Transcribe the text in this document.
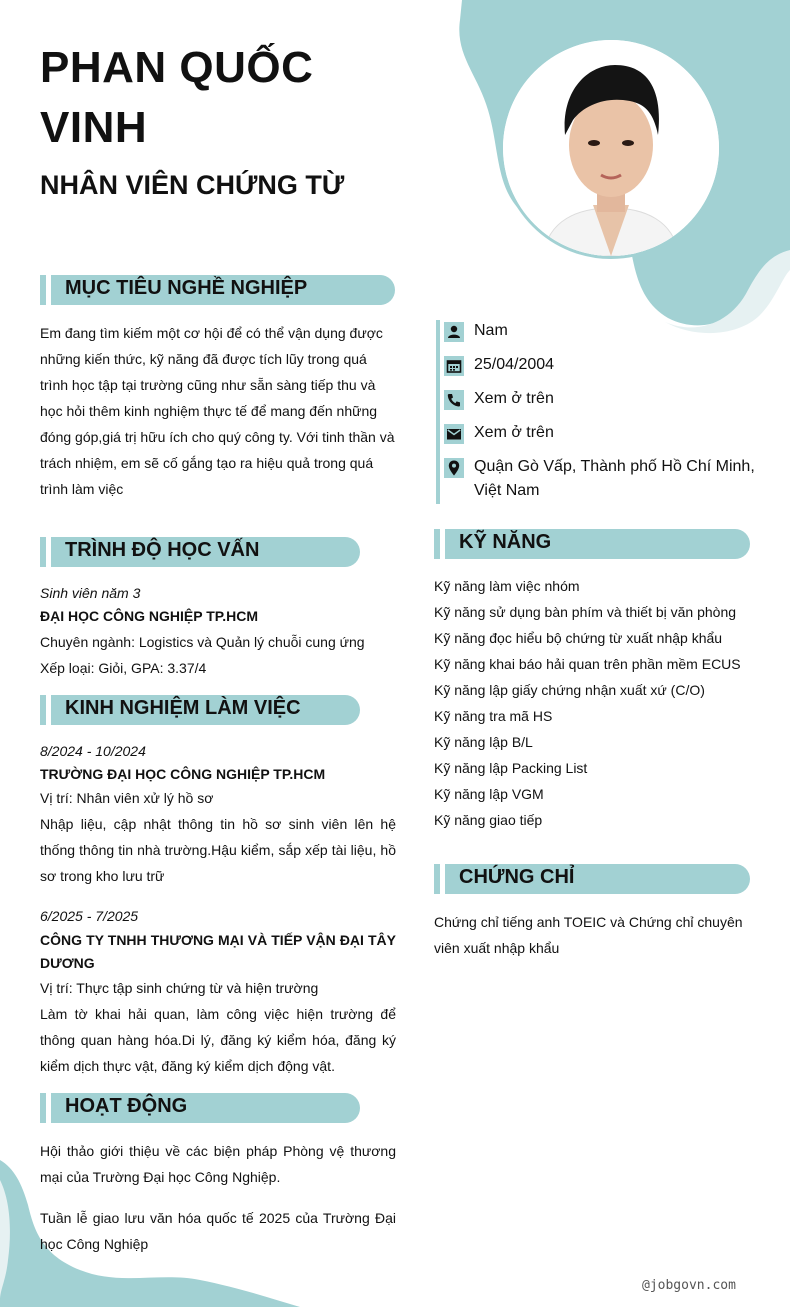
PHAN QUỐC VINH
NHÂN VIÊN CHỨNG TỪ
MỤC TIÊU NGHỀ NGHIỆP
Em đang tìm kiếm một cơ hội để có thể vận dụng được những kiến thức, kỹ năng đã được tích lũy trong quá trình học tập tại trường cũng như sẵn sàng tiếp thu và học hỏi thêm kinh nghiệm thực tế để mang đến những đóng góp,giá trị hữu ích cho quý công ty. Với tinh thần và trách nhiệm, em sẽ cố gắng tạo ra hiệu quả trong quá trình làm việc
TRÌNH ĐỘ HỌC VẤN
Sinh viên năm 3
ĐẠI HỌC CÔNG NGHIỆP TP.HCM
Chuyên ngành: Logistics và Quản lý chuỗi cung ứng
Xếp loại: Giỏi, GPA: 3.37/4
KINH NGHIỆM LÀM VIỆC
8/2024 - 10/2024
TRƯỜNG ĐẠI HỌC CÔNG NGHIỆP TP.HCM
Vị trí: Nhân viên xử lý hồ sơ
Nhập liệu, cập nhật thông tin hồ sơ sinh viên lên hệ thống thông tin nhà trường.Hậu kiểm, sắp xếp tài liệu, hồ sơ trong kho lưu trữ
6/2025 - 7/2025
CÔNG TY TNHH THƯƠNG MẠI VÀ TIẾP VẬN ĐẠI TÂY DƯƠNG
Vị trí: Thực tập sinh chứng từ và hiện trường
Làm tờ khai hải quan, làm công việc hiện trường để thông quan hàng hóa.Di lý, đăng ký kiểm hóa, đăng ký kiểm dịch thực vật, đăng ký kiểm dịch động vật.
HOẠT ĐỘNG
Hội thảo giới thiệu về các biện pháp Phòng vệ thương mại của Trường Đại học Công Nghiệp.
Tuần lễ giao lưu văn hóa quốc tế 2025 của Trường Đại học Công Nghiệp
Nam
25/04/2004
Xem ở trên
Xem ở trên
Quận Gò Vấp, Thành phố Hồ Chí Minh, Việt Nam
KỸ NĂNG
Kỹ năng làm việc nhóm
Kỹ năng sử dụng bàn phím và thiết bị văn phòng
Kỹ năng đọc hiểu bộ chứng từ xuất nhập khẩu
Kỹ năng khai báo hải quan trên phần mềm ECUS
Kỹ năng lập giấy chứng nhận xuất xứ (C/O)
Kỹ năng tra mã HS
Kỹ năng lập B/L
Kỹ năng lập Packing List
Kỹ năng lập VGM
Kỹ năng giao tiếp
CHỨNG CHỈ
Chứng chỉ tiếng anh TOEIC và Chứng chỉ chuyên viên xuất nhập khẩu
@jobgovn.com
